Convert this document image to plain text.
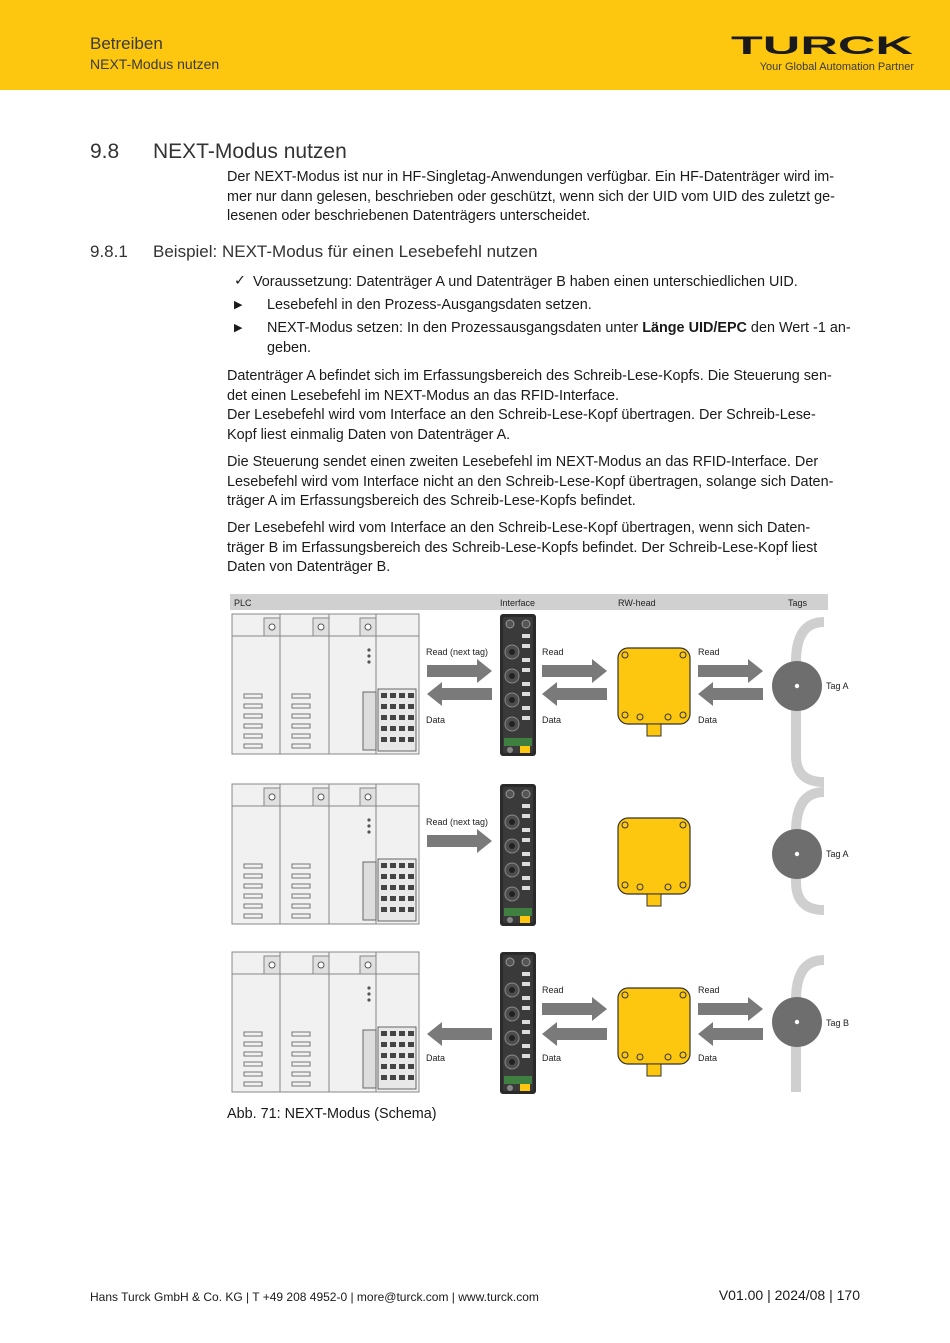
Betreiben
NEXT-Modus nutzen
TURCK
Your Global Automation Partner
9.8 NEXT-Modus nutzen
Der NEXT-Modus ist nur in HF-Singletag-Anwendungen verfügbar. Ein HF-Datenträger wird im-
mer nur dann gelesen, beschrieben oder geschützt, wenn sich der UID vom UID des zuletzt ge-
lesenen oder beschriebenen Datenträgers unterscheidet.
9.8.1 Beispiel: NEXT-Modus für einen Lesebefehl nutzen
✓ Voraussetzung: Datenträger A und Datenträger B haben einen unterschiedlichen UID.
▶ Lesebefehl in den Prozess-Ausgangsdaten setzen.
▶ NEXT-Modus setzen: In den Prozessausgangsdaten unter Länge UID/EPC den Wert -1 an-
geben.
Datenträger A befindet sich im Erfassungsbereich des Schreib-Lese-Kopfs. Die Steuerung sen-
det einen Lesebefehl im NEXT-Modus an das RFID-Interface.
Der Lesebefehl wird vom Interface an den Schreib-Lese-Kopf übertragen. Der Schreib-Lese-
Kopf liest einmalig Daten von Datenträger A.
Die Steuerung sendet einen zweiten Lesebefehl im NEXT-Modus an das RFID-Interface. Der
Lesebefehl wird vom Interface nicht an den Schreib-Lese-Kopf übertragen, solange sich Daten-
träger A im Erfassungsbereich des Schreib-Lese-Kopfs befindet.
Der Lesebefehl wird vom Interface an den Schreib-Lese-Kopf übertragen, wenn sich Daten-
träger B im Erfassungsbereich des Schreib-Lese-Kopfs befindet. Der Schreib-Lese-Kopf liest
Daten von Datenträger B.
PLC	Interface	RW-head	Tags
Tag A
Read (next tag)
Data
Read
Data
Read
Data
Tag A
Read (next tag)
Tag B
Data
Read
Data
Read
Data
Abb. 71: NEXT-Modus (Schema)
Hans Turck GmbH & Co. KG | T +49 208 4952-0 | more@turck.com | www.turck.com	V01.00 | 2024/08 | 170
